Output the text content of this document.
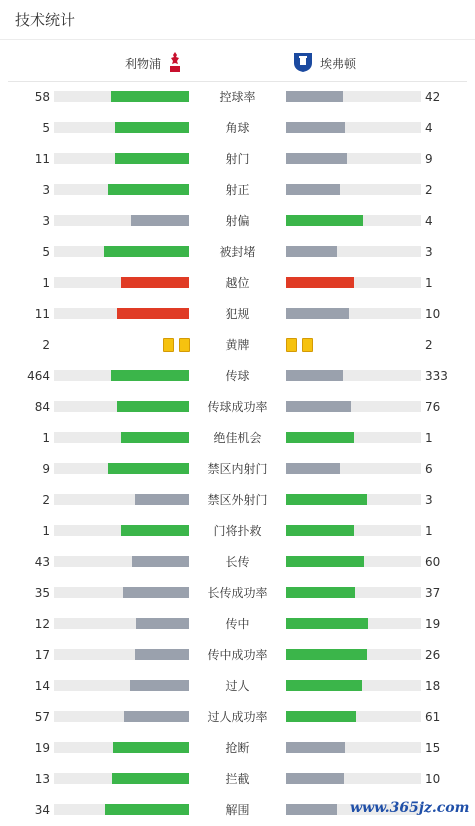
技术统计
利物浦	埃弗顿
58	控球率	42
5	角球	4
11	射门	9
3	射正	2
3	射偏	4
5	被封堵	3
1	越位	1
11	犯规	10
2	黄牌	2
464	传球	333
84	传球成功率	76
1	绝佳机会	1
9	禁区内射门	6
2	禁区外射门	3
1	门将扑救	1
43	长传	60
35	长传成功率	37
12	传中	19
17	传中成功率	26
14	过人	18
57	过人成功率	61
19	抢断	15
13	拦截	10
34	解围	www.365jz.com
